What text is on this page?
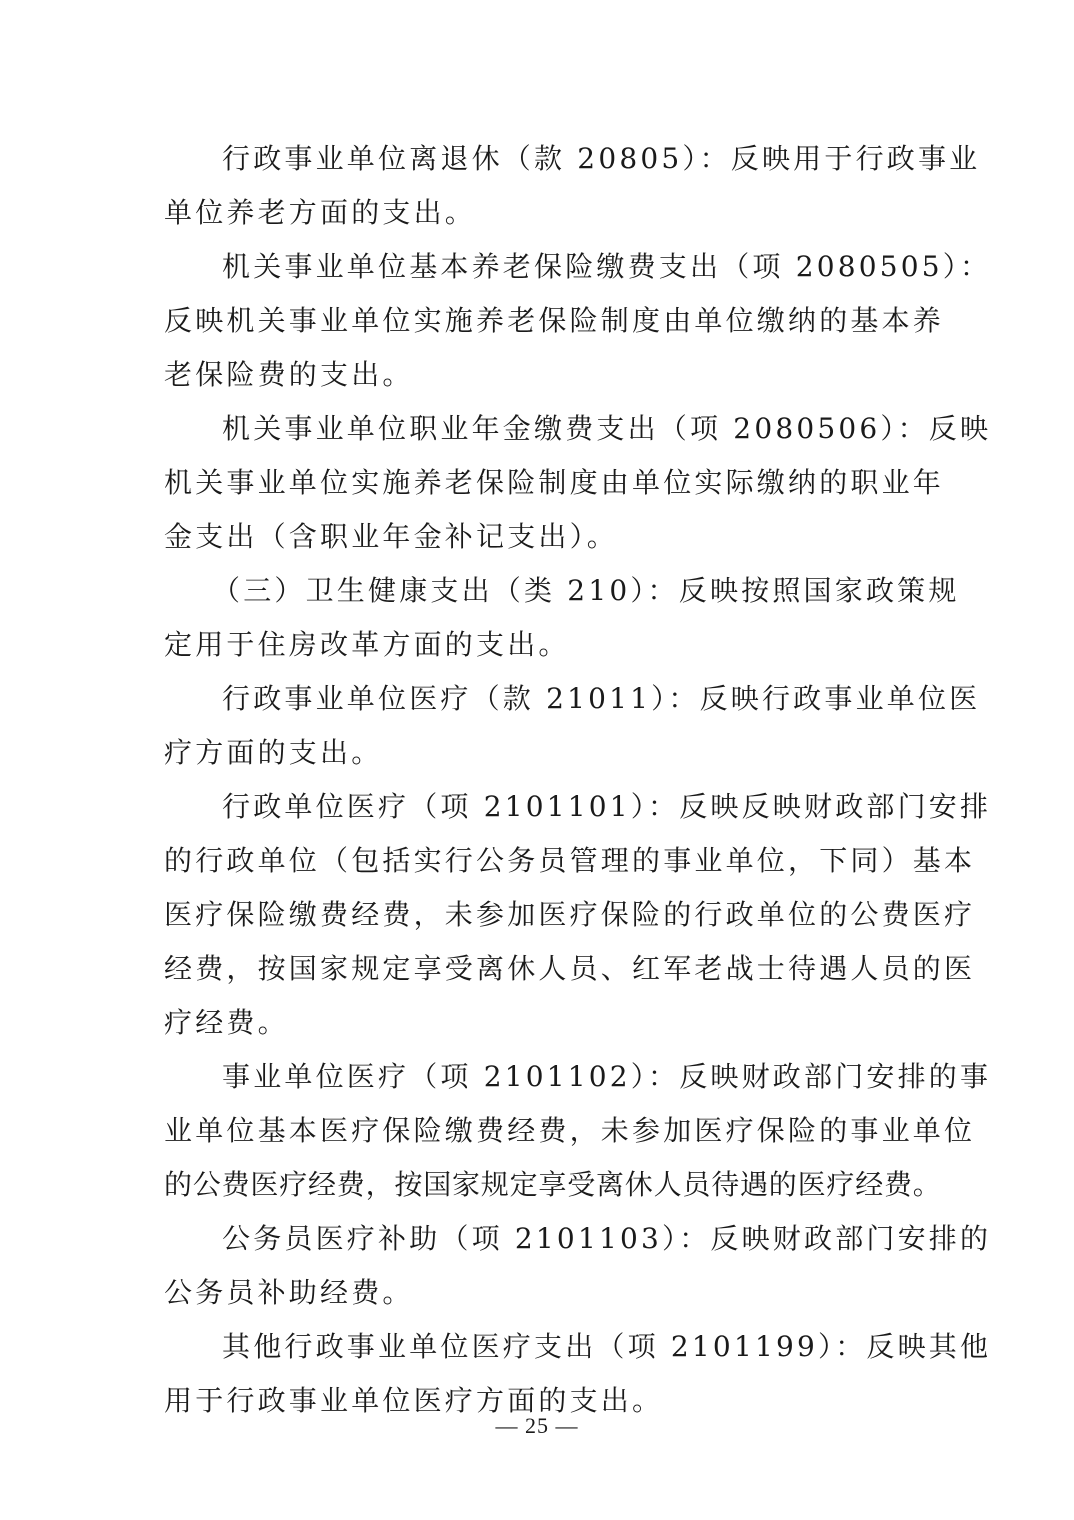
行政事业单位离退休（款 20805）：反映用于行政事业
单位养老方面的支出。
机关事业单位基本养老保险缴费支出（项 2080505）：
反映机关事业单位实施养老保险制度由单位缴纳的基本养
老保险费的支出。
机关事业单位职业年金缴费支出（项 2080506）：反映
机关事业单位实施养老保险制度由单位实际缴纳的职业年
金支出（含职业年金补记支出）。
（三）卫生健康支出（类 210）：反映按照国家政策规
定用于住房改革方面的支出。
行政事业单位医疗（款 21011）：反映行政事业单位医
疗方面的支出。
行政单位医疗（项 2101101）：反映反映财政部门安排
的行政单位（包括实行公务员管理的事业单位，下同）基本
医疗保险缴费经费，未参加医疗保险的行政单位的公费医疗
经费，按国家规定享受离休人员、红军老战士待遇人员的医
疗经费。
事业单位医疗（项 2101102）：反映财政部门安排的事
业单位基本医疗保险缴费经费，未参加医疗保险的事业单位
的公费医疗经费，按国家规定享受离休人员待遇的医疗经费。
公务员医疗补助（项 2101103）：反映财政部门安排的
公务员补助经费。
其他行政事业单位医疗支出（项 2101199）：反映其他
用于行政事业单位医疗方面的支出。
— 25 —
